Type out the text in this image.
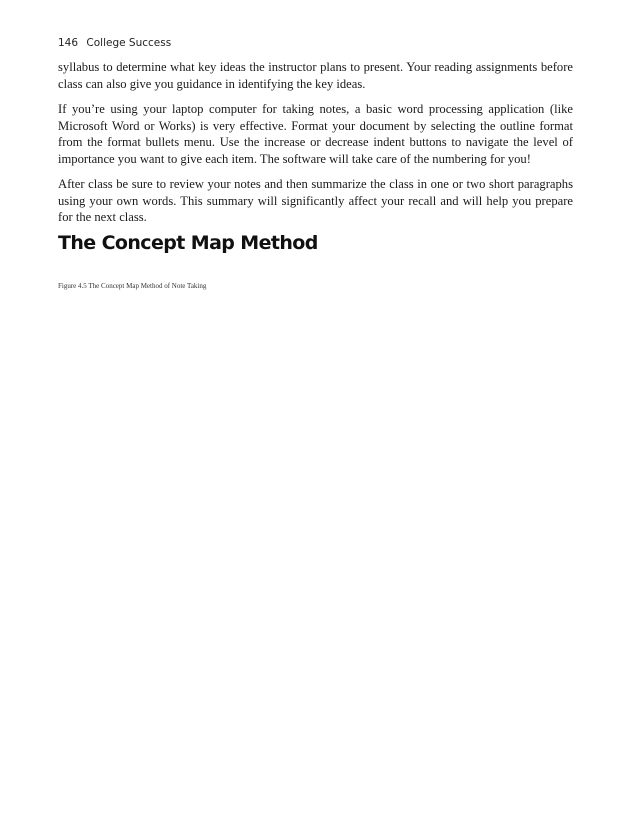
146 College Success

syllabus to determine what key ideas the instructor plans to present. Your reading assignments before class can also give you guidance in identifying the key ideas.

If you’re using your laptop computer for taking notes, a basic word processing application (like Microsoft Word or Works) is very effective. Format your document by selecting the outline format from the format bullets menu. Use the increase or decrease indent buttons to navigate the level of importance you want to give each item. The software will take care of the numbering for you!

After class be sure to review your notes and then summarize the class in one or two short paragraphs using your own words. This summary will significantly affect your recall and will help you prepare for the next class.

The Concept Map Method
Figure 4.5 The Concept Map Method of Note Taking
